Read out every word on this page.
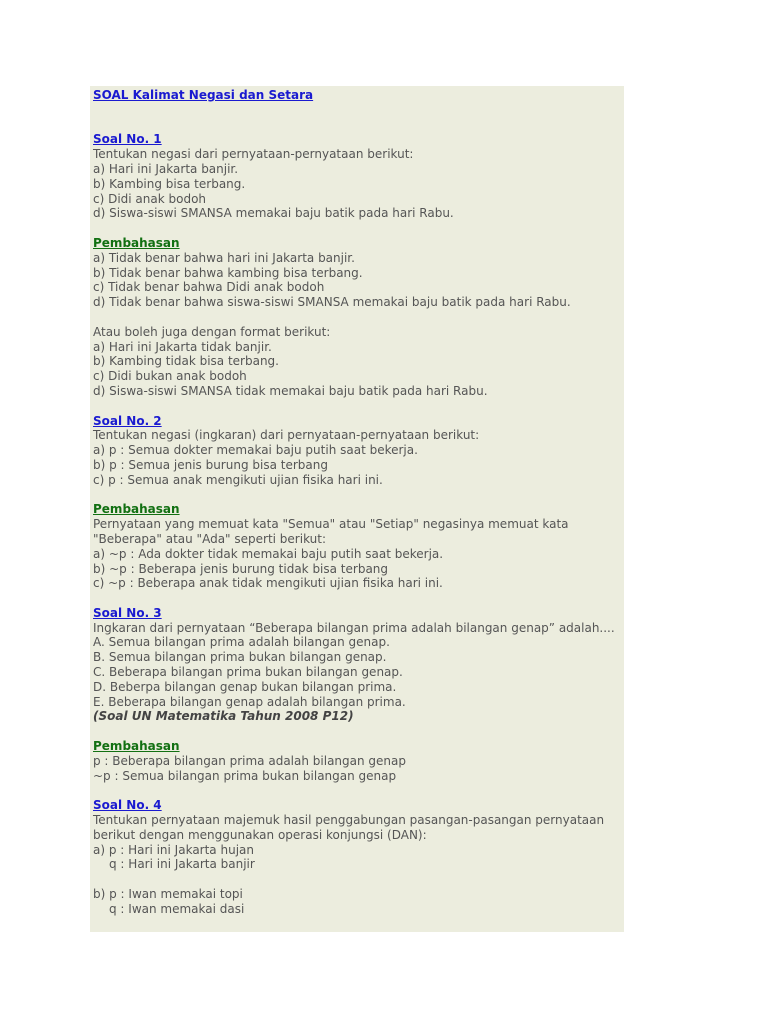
SOAL Kalimat Negasi dan Setara
Soal No. 1
Tentukan negasi dari pernyataan-pernyataan berikut:
a) Hari ini Jakarta banjir.
b) Kambing bisa terbang.
c) Didi anak bodoh
d) Siswa-siswi SMANSA memakai baju batik pada hari Rabu.
Pembahasan
a) Tidak benar bahwa hari ini Jakarta banjir.
b) Tidak benar bahwa kambing bisa terbang.
c) Tidak benar bahwa Didi anak bodoh
d) Tidak benar bahwa siswa-siswi SMANSA memakai baju batik pada hari Rabu.
Atau boleh juga dengan format berikut:
a) Hari ini Jakarta tidak banjir.
b) Kambing tidak bisa terbang.
c) Didi bukan anak bodoh
d) Siswa-siswi SMANSA tidak memakai baju batik pada hari Rabu.
Soal No. 2
Tentukan negasi (ingkaran) dari pernyataan-pernyataan berikut:
a) p : Semua dokter memakai baju putih saat bekerja.
b) p : Semua jenis burung bisa terbang
c) p : Semua anak mengikuti ujian fisika hari ini.
Pembahasan
Pernyataan yang memuat kata "Semua" atau "Setiap" negasinya memuat kata
"Beberapa" atau "Ada" seperti berikut:
a) ~p : Ada dokter tidak memakai baju putih saat bekerja.
b) ~p : Beberapa jenis burung tidak bisa terbang
c) ~p : Beberapa anak tidak mengikuti ujian fisika hari ini.
Soal No. 3
Ingkaran dari pernyataan “Beberapa bilangan prima adalah bilangan genap” adalah....
A. Semua bilangan prima adalah bilangan genap.
B. Semua bilangan prima bukan bilangan genap.
C. Beberapa bilangan prima bukan bilangan genap.
D. Beberpa bilangan genap bukan bilangan prima.
E. Beberapa bilangan genap adalah bilangan prima.
(Soal UN Matematika Tahun 2008 P12)
Pembahasan
p : Beberapa bilangan prima adalah bilangan genap
~p : Semua bilangan prima bukan bilangan genap
Soal No. 4
Tentukan pernyataan majemuk hasil penggabungan pasangan-pasangan pernyataan
berikut dengan menggunakan operasi konjungsi (DAN):
a) p : Hari ini Jakarta hujan
q : Hari ini Jakarta banjir
b) p : Iwan memakai topi
q : Iwan memakai dasi
